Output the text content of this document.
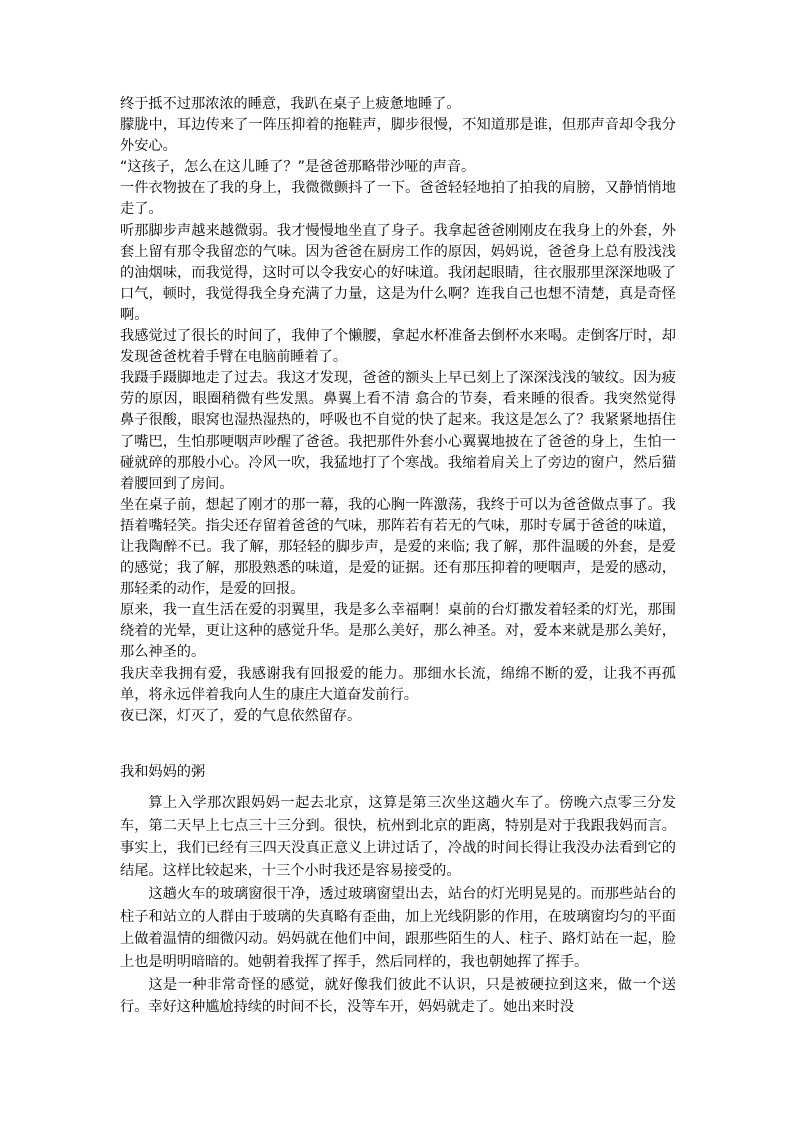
终于抵不过那浓浓的睡意，我趴在桌子上疲惫地睡了。

朦胧中，耳边传来了一阵压抑着的拖鞋声，脚步很慢，不知道那是谁，但那声音却令我分外安心。

“这孩子，怎么在这儿睡了？”是爸爸那略带沙哑的声音。

一件衣物披在了我的身上，我微微颤抖了一下。爸爸轻轻地拍了拍我的肩膀，又静悄悄地走了。

听那脚步声越来越微弱。我才慢慢地坐直了身子。我拿起爸爸刚刚皮在我身上的外套，外套上留有那令我留恋的气味。因为爸爸在厨房工作的原因，妈妈说，爸爸身上总有股浅浅的油烟味，而我觉得，这时可以令我安心的好味道。我闭起眼睛，往衣服那里深深地吸了口气，顿时，我觉得我全身充满了力量，这是为什么啊？连我自己也想不清楚，真是奇怪啊。

我感觉过了很长的时间了，我伸了个懒腰，拿起水杯准备去倒杯水来喝。走倒客厅时，却发现爸爸枕着手臂在电脑前睡着了。

我蹑手蹑脚地走了过去。我这才发现，爸爸的额头上早已刻上了深深浅浅的皱纹。因为疲劳的原因，眼圈稍微有些发黑。鼻翼上看不清 翕合的节奏，看来睡的很香。我突然觉得鼻子很酸，眼窝也湿热湿热的，呼吸也不自觉的快了起来。我这是怎么了？我紧紧地捂住了嘴巴，生怕那哽咽声吵醒了爸爸。我把那件外套小心翼翼地披在了爸爸的身上，生怕一碰就碎的那般小心。冷风一吹，我猛地打了个寒战。我缩着肩关上了旁边的窗户，然后猫着腰回到了房间。

坐在桌子前，想起了刚才的那一幕，我的心胸一阵激荡，我终于可以为爸爸做点事了。我捂着嘴轻笑。指尖还存留着爸爸的气味，那阵若有若无的气味，那时专属于爸爸的味道，让我陶醉不已。我了解，那轻轻的脚步声，是爱的来临; 我了解，那件温暖的外套，是爱的感觉；我了解，那股熟悉的味道，是爱的证据。还有那压抑着的哽咽声，是爱的感动，那轻柔的动作，是爱的回报。

原来，我一直生活在爱的羽翼里，我是多么幸福啊！桌前的台灯撒发着轻柔的灯光，那围绕着的光晕，更让这种的感觉升华。是那么美好，那么神圣。对，爱本来就是那么美好，那么神圣的。

我庆幸我拥有爱，我感谢我有回报爱的能力。那细水长流，绵绵不断的爱，让我不再孤单，将永远伴着我向人生的康庄大道奋发前行。

夜已深，灯灭了，爱的气息依然留存。

我和妈妈的粥

算上入学那次跟妈妈一起去北京，这算是第三次坐这趟火车了。傍晚六点零三分发车，第二天早上七点三十三分到。很快，杭州到北京的距离，特别是对于我跟我妈而言。事实上，我们已经有三四天没真正意义上讲过话了，冷战的时间长得让我没办法看到它的结尾。这样比较起来，十三个小时我还是容易接受的。

这趟火车的玻璃窗很干净，透过玻璃窗望出去，站台的灯光明晃晃的。而那些站台的柱子和站立的人群由于玻璃的失真略有歪曲，加上光线阴影的作用，在玻璃窗均匀的平面上做着温情的细微闪动。妈妈就在他们中间，跟那些陌生的人、柱子、路灯站在一起，脸上也是明明暗暗的。她朝着我挥了挥手，然后同样的，我也朝她挥了挥手。

这是一种非常奇怪的感觉，就好像我们彼此不认识，只是被硬拉到这来，做一个送行。幸好这种尴尬持续的时间不长，没等车开，妈妈就走了。她出来时没
